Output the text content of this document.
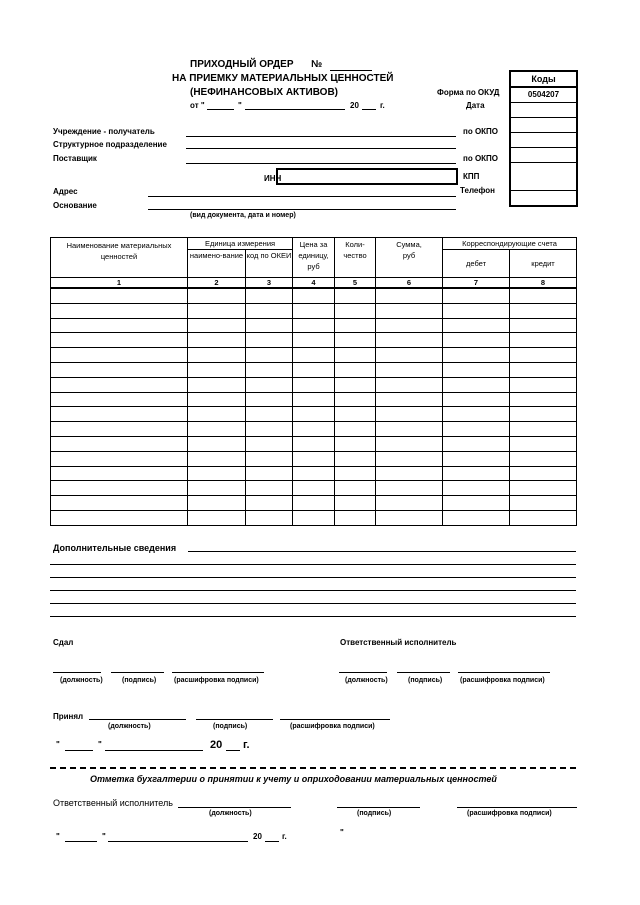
ПРИХОДНЫЙ ОРДЕР №
НА ПРИЕМКУ МАТЕРИАЛЬНЫХ ЦЕННОСТЕЙ
(НЕФИНАНСОВЫХ АКТИВОВ)
от "	"	20	г.
Коды
0504207
Форма по ОКУД
Дата
по ОКПО
по ОКПО
КПП
Телефон
Учреждение - получатель
Структурное подразделение
Поставщик
ИНН
Адрес
Основание
(вид документа, дата и номер)
Наименование материальных ценностей	Единица измерения		Цена за единицу, руб	Коли-чество	Сумма, руб	Корреспондирующие счета	
	наимено-вание	код по ОКЕИ				дебет	кредит
1	2	3	4	5	6	7	8

Дополнительные сведения
Сдал	Ответственный исполнитель
(должность)	(подпись)	(расшифровка подписи)	(должность)	(подпись)	(расшифровка подписи)
Принял
(должность)	(подпись)	(расшифровка подписи)
"	"	20 г.
Отметка бухгалтерии о принятии к учету и оприходовании материальных ценностей
Ответственный исполнитель
(должность)	(подпись)	(расшифровка подписи)
"	"	20	г.	"
